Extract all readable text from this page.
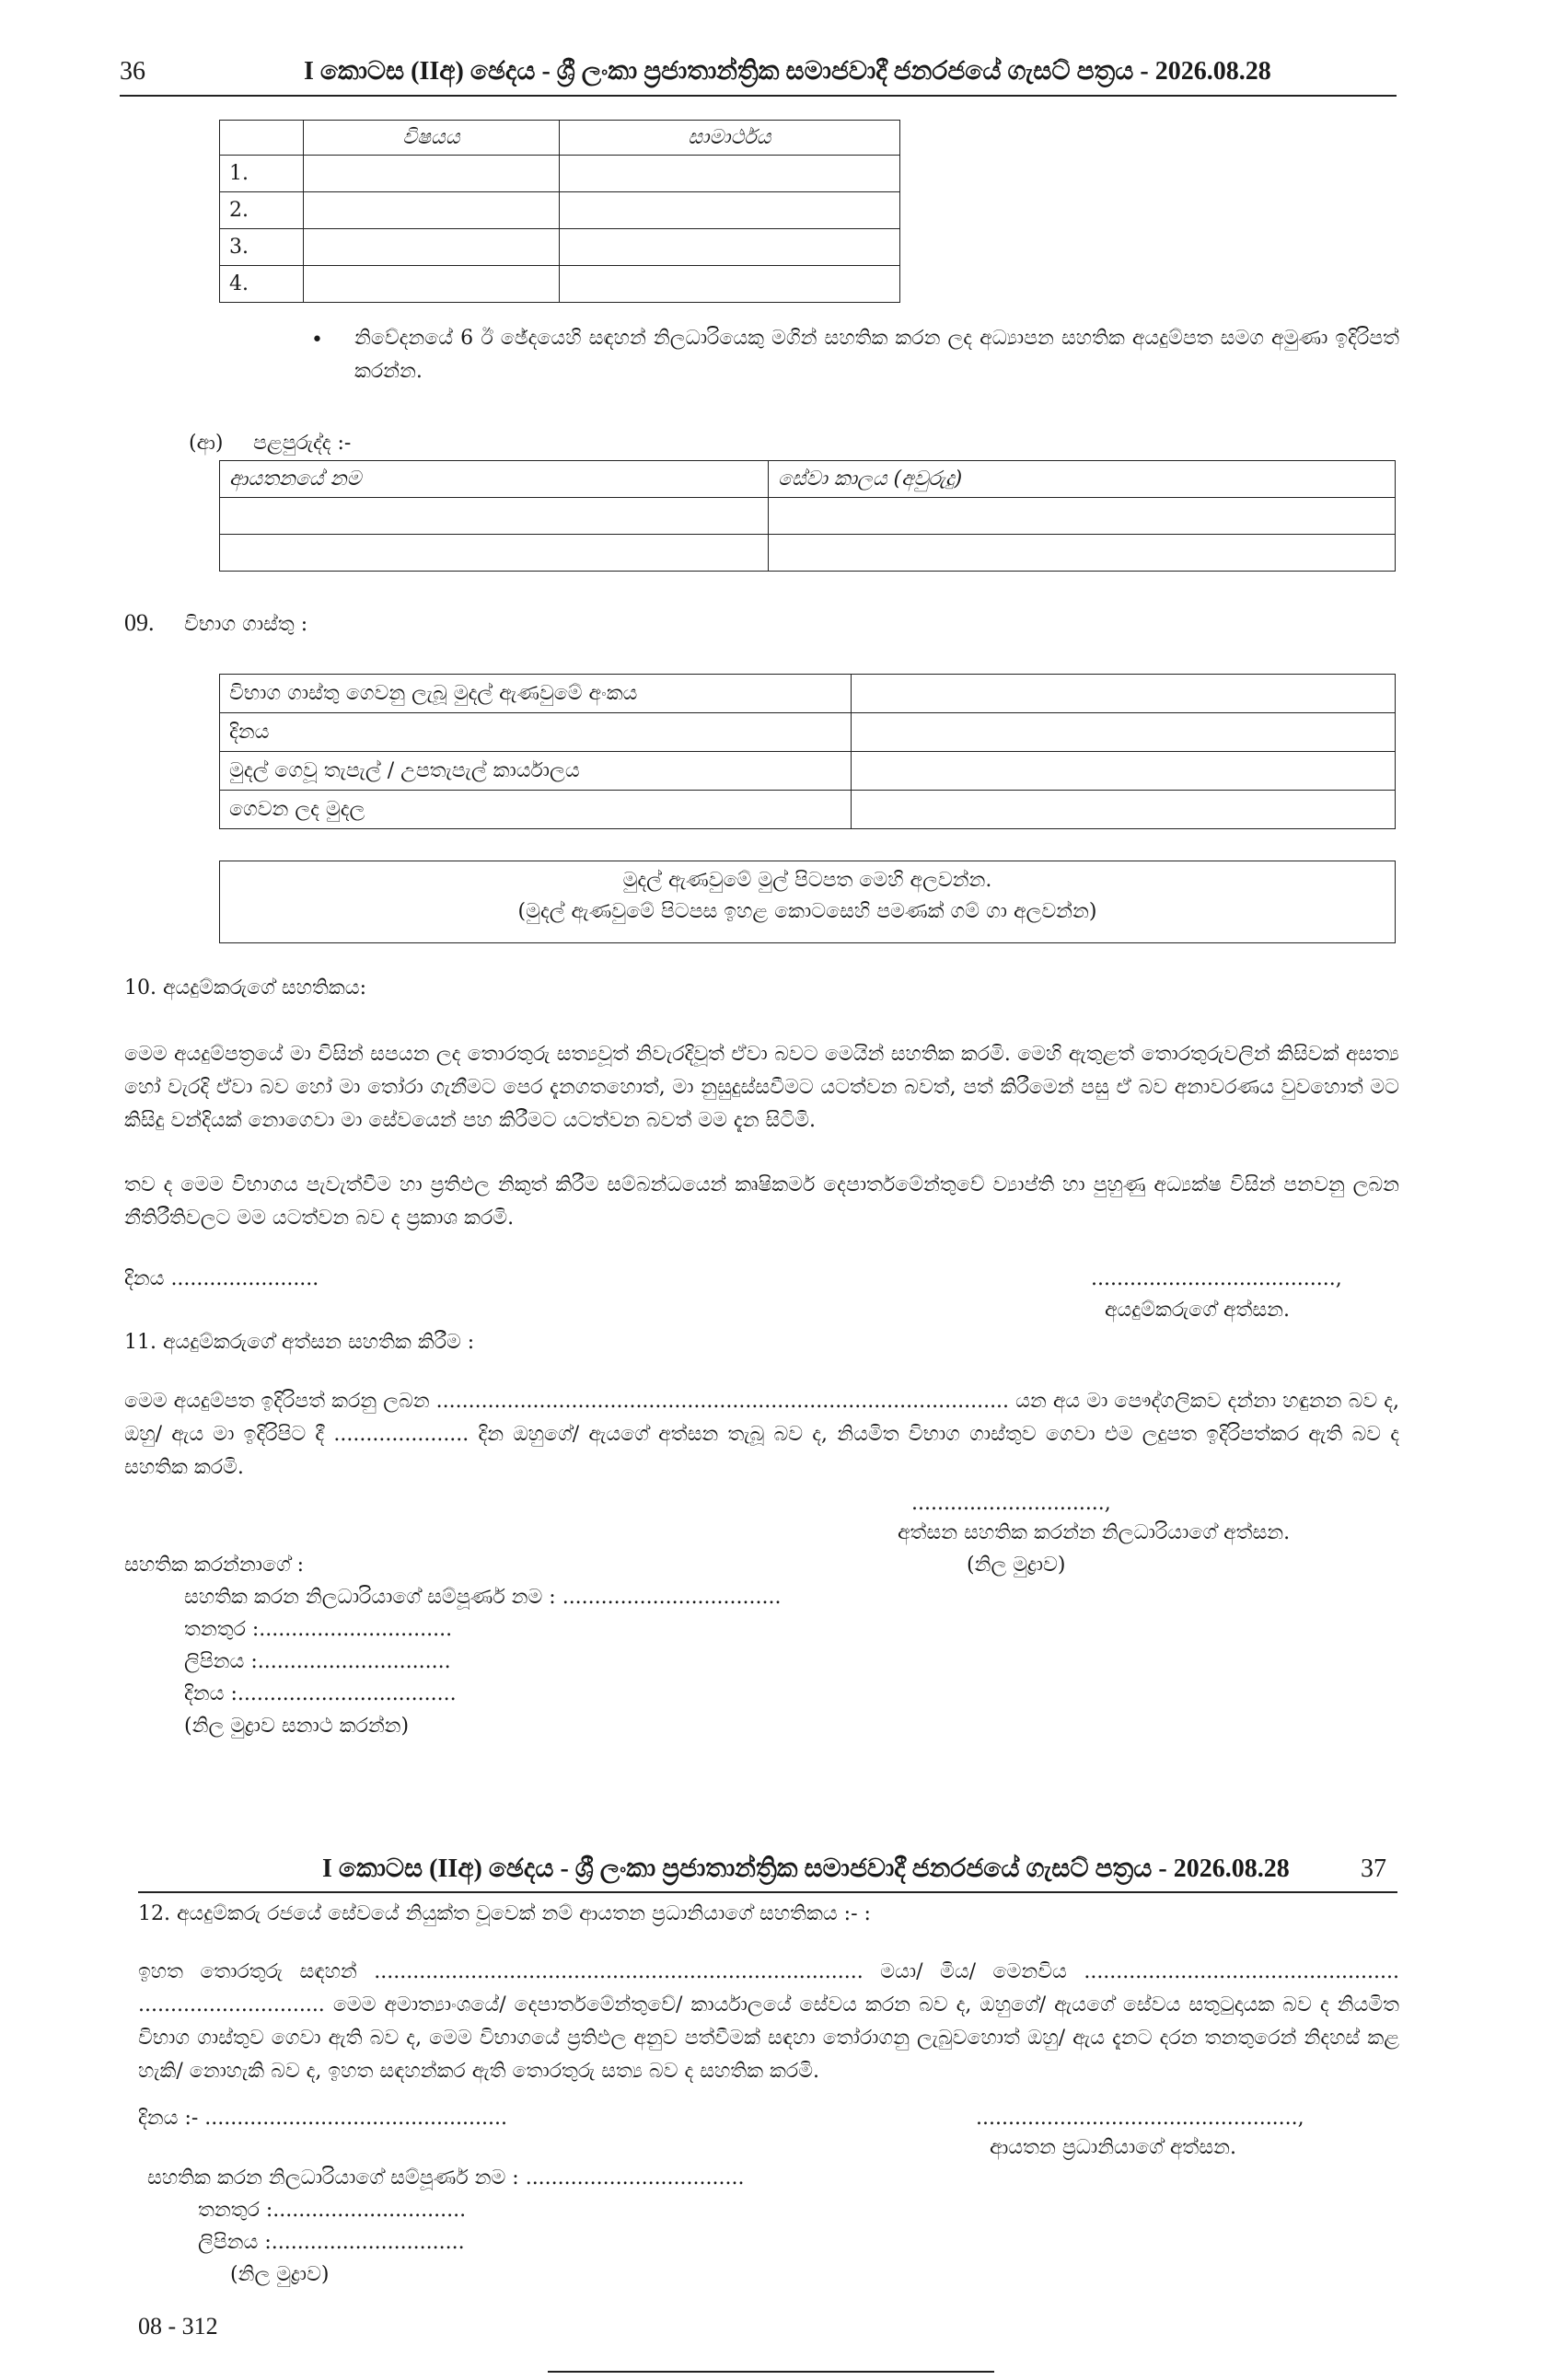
36	I කොටස (IIඅ) ඡෙදය - ශ්‍රී ලංකා ප්‍රජාතාන්ත්‍රික සමාජවාදී ජනරජයේ ගැසට් පත්‍රය - 2026.08.28
	විෂයය	සාමාර්ථය
1.		
2.		
3.		
4.		
• නිවේදනයේ 6 ඊ ඡේදයෙහි සඳහන් නිලධාරියෙකු මගින් සහතික කරන ලද අධ්‍යාපන සහතික අයදුම්පත සමග අමුණා ඉදිරිපත් කරන්න.
(ආ) පළපුරුද්ද :-
ආයතනයේ නම	සේවා කාලය (අවුරුදු)

09. විභාග ගාස්තු :
විභාග ගාස්තු ගෙවනු ලැබූ මුදල් ඇණවුමේ අංකය	
දිනය	
මුදල් ගෙවූ තැපැල් / උපතැපැල් කාර්යාලය	
ගෙවන ලද මුදල	
මුදල් ඇණවුමේ මුල් පිටපත මෙහි අලවන්න.
(මුදල් ඇණවුමේ පිටපස ඉහළ කොටසෙහි පමණක් ගම් ගා අලවන්න)
10. අයදුම්කරුගේ සහතිකය:
මෙම අයදුම්පත්‍රයේ මා විසින් සපයන ලද තොරතුරු සත්‍යවූත් නිවැරදිවූත් ඒවා බවට මෙයින් සහතික කරමි. මෙහි ඇතුළත් තොරතුරුවලින් කිසිවක් අසත්‍ය හෝ වැරදි ඒවා බව හෝ මා තෝරා ගැනීමට පෙර දැනගතහොත්, මා නුසුදුස්සවීමට යටත්වන බවත්, පත් කිරීමෙන් පසු ඒ බව අනාවරණය වුවහොත් මට කිසිදු වන්දියක් නොගෙවා මා සේවයෙන් පහ කිරීමට යටත්වන බවත් මම දැන සිටිමි.
තව ද මෙම විභාගය පැවැත්වීම හා ප්‍රතිඵල නිකුත් කිරීම සම්බන්ධයෙන් කෘෂිකර්ම දෙපාර්තමේන්තුවේ ව්‍යාප්ති හා පුහුණු අධ්‍යක්ෂ විසින් පනවනු ලබන නීතිරීතිවලට මම යටත්වන බව ද ප්‍රකාශ කරමි.
දිනය .......................	......................................,
අයදුම්කරුගේ අත්සන.
11. අයදුම්කරුගේ අත්සන සහතික කිරීම :
මෙම අයදුම්පත ඉදිරිපත් කරනු ලබන ......................................................................................... යන අය මා පෞද්ගලිකව දන්නා හඳුනන බව ද, ඔහු/ ඇය මා ඉදිරිපිට දී ..................... දින ඔහුගේ/ ඇයගේ අත්සන තැබූ බව ද, නියමිත විභාග ගාස්තුව ගෙවා එම ලදුපත ඉදිරිපත්කර ඇති බව ද සහතික කරමි.
..............................,
අත්සන සහතික කරන්න නිලධාරියාගේ අත්සන.
සහතික කරන්නාගේ :	(නිල මුද්‍රාව)
සහතික කරන නිලධාරියාගේ සම්පූර්ණ නම : ..................................
තනතුර :..............................
ලිපිනය :..............................
දිනය :..................................
(නිල මුද්‍රාව සනාථ කරන්න)
I කොටස (IIඅ) ඡෙදය - ශ්‍රී ලංකා ප්‍රජාතාන්ත්‍රික සමාජවාදී ජනරජයේ ගැසට් පත්‍රය - 2026.08.28	37
12. අයදුම්කරු රජයේ සේවයේ නියුක්ත වූවෙක් නම් ආයතන ප්‍රධානියාගේ සහතිකය :- :
ඉහත තොරතුරු සඳහන් ............................................................................ මයා/ මිය/ මෙනවිය ................................................. ............................. මෙම අමාත්‍යාංශයේ/ දෙපාර්තමේන්තුවේ/ කාර්යාලයේ සේවය කරන බව ද, ඔහුගේ/ ඇයගේ සේවය සතුටුදායක බව ද නියමිත විභාග ගාස්තුව ගෙවා ඇති බව ද, මෙම විභාගයේ ප්‍රතිඵල අනුව පත්වීමක් සඳහා තෝරාගනු ලැබුවහොත් ඔහු/ ඇය දැනට දරන තනතුරෙන් නිදහස් කළ හැකි/ නොහැකි බව ද, ඉහත සඳහන්කර ඇති තොරතුරු සත්‍ය බව ද සහතික කරමි.
දිනය :- ...............................................	..................................................,
ආයතන ප්‍රධානියාගේ අත්සන.
සහතික කරන නිලධාරියාගේ සම්පූර්ණ නම : ..................................
තනතුර :..............................
ලිපිනය :..............................
(නිල මුද්‍රාව)
08 - 312
